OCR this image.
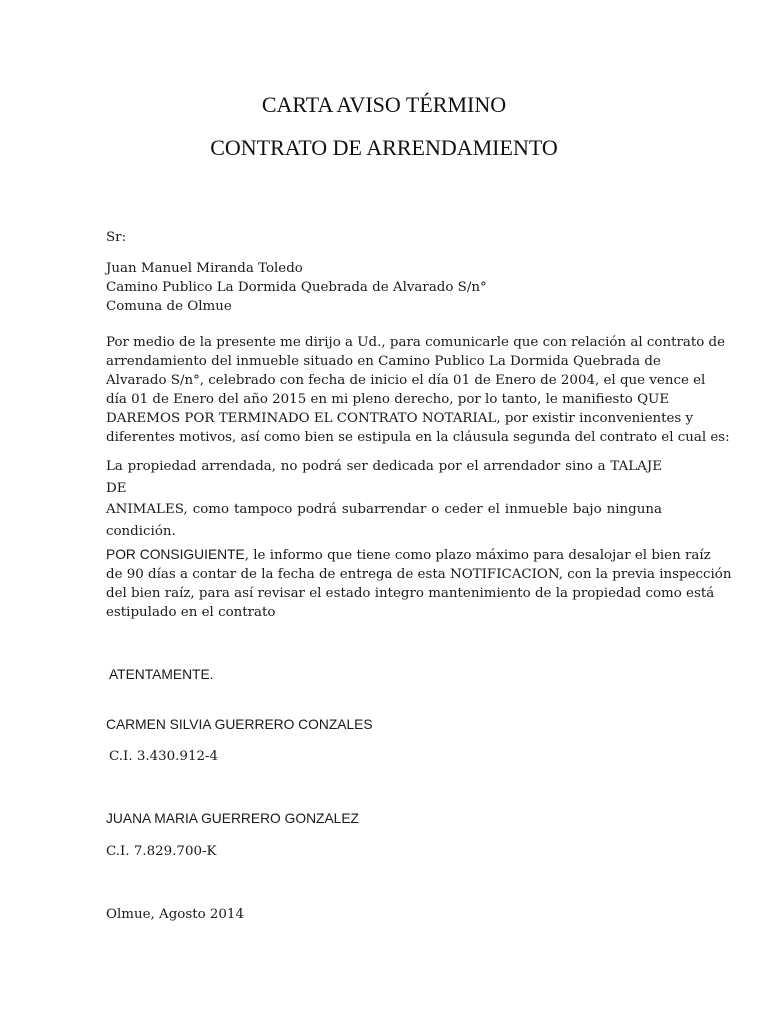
CARTA AVISO TÉRMINO
CONTRATO DE ARRENDAMIENTO
Sr:
Juan Manuel Miranda Toledo
Camino Publico La Dormida Quebrada de Alvarado S/n°
Comuna de Olmue
Por medio de la presente me dirijo a Ud., para comunicarle que con relación al contrato de
arrendamiento del inmueble situado en Camino Publico La Dormida Quebrada de
Alvarado S/n°, celebrado con fecha de inicio el día 01 de Enero de 2004, el que vence el
día 01 de Enero del año 2015 en mi pleno derecho, por lo tanto, le manifiesto QUE
DAREMOS POR TERMINADO EL CONTRATO NOTARIAL, por existir inconvenientes y
diferentes motivos, así como bien se estipula en la cláusula segunda del contrato el cual es:
La propiedad arrendada, no podrá ser dedicada por el arrendador sino a TALAJE DE
ANIMALES, como tampoco podrá subarrendar o ceder el inmueble bajo ninguna
condición.
POR CONSIGUIENTE, le informo que tiene como plazo máximo para desalojar el bien raíz
de 90 días a contar de la fecha de entrega de esta NOTIFICACION, con la previa inspección
del bien raíz, para así revisar el estado integro mantenimiento de la propiedad como está
estipulado en el contrato
ATENTAMENTE.
CARMEN SILVIA GUERRERO CONZALES
C.I. 3.430.912-4
JUANA MARIA GUERRERO GONZALEZ
C.I. 7.829.700-K
Olmue, Agosto 2014
